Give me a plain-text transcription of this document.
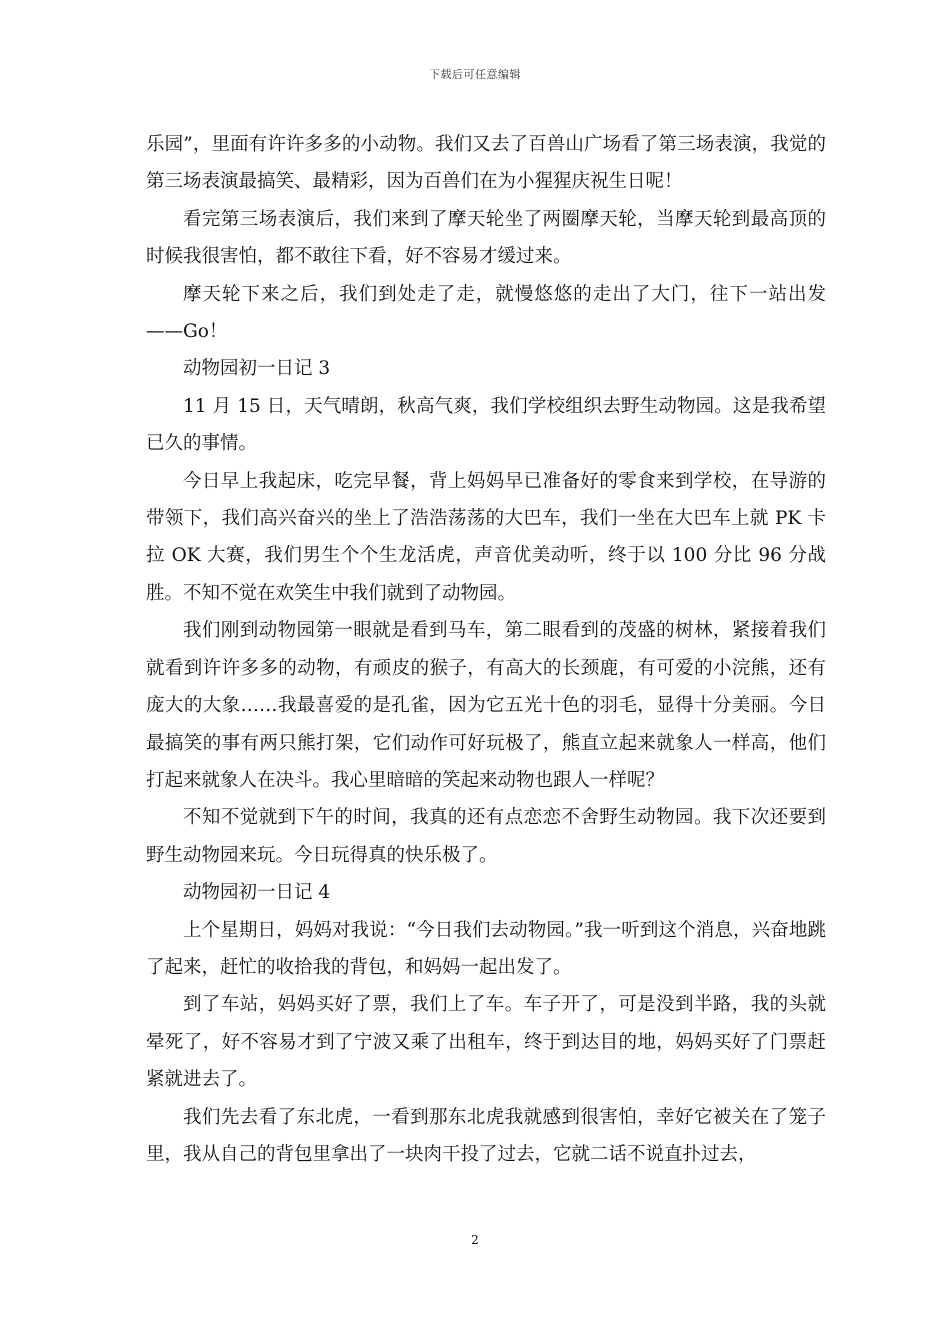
下载后可任意编辑

乐园”，里面有许许多多的小动物。我们又去了百兽山广场看了第三场表演，我觉的第三场表演最搞笑、最精彩，因为百兽们在为小猩猩庆祝生日呢！

看完第三场表演后，我们来到了摩天轮坐了两圈摩天轮，当摩天轮到最高顶的时候我很害怕，都不敢往下看，好不容易才缓过来。

摩天轮下来之后，我们到处走了走，就慢悠悠的走出了大门，往下一站出发——Go！

动物园初一日记 3

11 月 15 日，天气晴朗，秋高气爽，我们学校组织去野生动物园。这是我希望已久的事情。

今日早上我起床，吃完早餐，背上妈妈早已准备好的零食来到学校，在导游的带领下，我们高兴奋兴的坐上了浩浩荡荡的大巴车，我们一坐在大巴车上就 PK 卡拉 OK 大赛，我们男生个个生龙活虎，声音优美动听，终于以 100 分比 96 分战胜。不知不觉在欢笑生中我们就到了动物园。

我们刚到动物园第一眼就是看到马车，第二眼看到的茂盛的树林，紧接着我们就看到许许多多的动物，有顽皮的猴子，有高大的长颈鹿，有可爱的小浣熊，还有庞大的大象……我最喜爱的是孔雀，因为它五光十色的羽毛，显得十分美丽。今日最搞笑的事有两只熊打架，它们动作可好玩极了，熊直立起来就象人一样高，他们打起来就象人在决斗。我心里暗暗的笑起来动物也跟人一样呢？

不知不觉就到下午的时间，我真的还有点恋恋不舍野生动物园。我下次还要到野生动物园来玩。今日玩得真的快乐极了。

动物园初一日记 4

上个星期日，妈妈对我说：“今日我们去动物园。”我一听到这个消息，兴奋地跳了起来，赶忙的收拾我的背包，和妈妈一起出发了。

到了车站，妈妈买好了票，我们上了车。车子开了，可是没到半路，我的头就晕死了，好不容易才到了宁波又乘了出租车，终于到达目的地，妈妈买好了门票赶紧就进去了。

我们先去看了东北虎，一看到那东北虎我就感到很害怕，幸好它被关在了笼子里，我从自己的背包里拿出了一块肉干投了过去，它就二话不说直扑过去，

2
